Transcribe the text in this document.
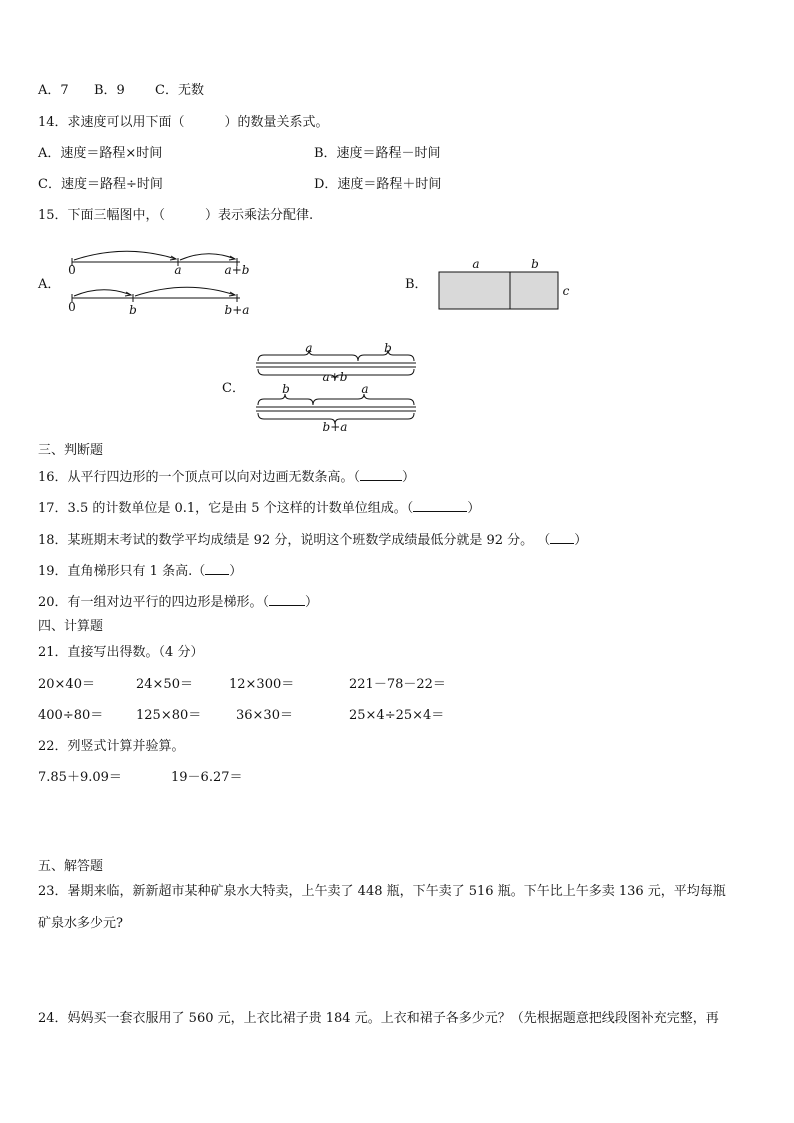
A．7 B．9 C．无数
14．求速度可以用下面（	）的数量关系式。
A．速度＝路程×时间	B．速度＝路程－时间
C．速度＝路程÷时间	D．速度＝路程＋时间
15．下面三幅图中，（	）表示乘法分配律.
A．	B．
C．
0	a	a+b
0	b	b+a
a	b
c
a	b
a+b
b	a
b+a
三、判断题
16．从平行四边形的一个顶点可以向对边画无数条高。（	）
17．3.5 的计数单位是 0.1，它是由 5 个这样的计数单位组成。（	）
18．某班期末考试的数学平均成绩是 92 分，说明这个班数学成绩最低分就是 92 分。 （ ）
19．直角梯形只有 1 条高.（ ）
20．有一组对边平行的四边形是梯形。（	）
四、计算题
21．直接写出得数。（4 分）
20×40＝	24×50＝	12×300＝	221－78－22＝
400÷80＝	125×80＝	36×30＝	25×4÷25×4＝
22．列竖式计算并验算。
7.85＋9.09＝	19－6.27＝
五、解答题
23．暑期来临，新新超市某种矿泉水大特卖，上午卖了 448 瓶，下午卖了 516 瓶。下午比上午多卖 136 元，平均每瓶
矿泉水多少元?
24．妈妈买一套衣服用了 560 元，上衣比裙子贵 184 元。上衣和裙子各多少元？（先根据题意把线段图补充完整，再
